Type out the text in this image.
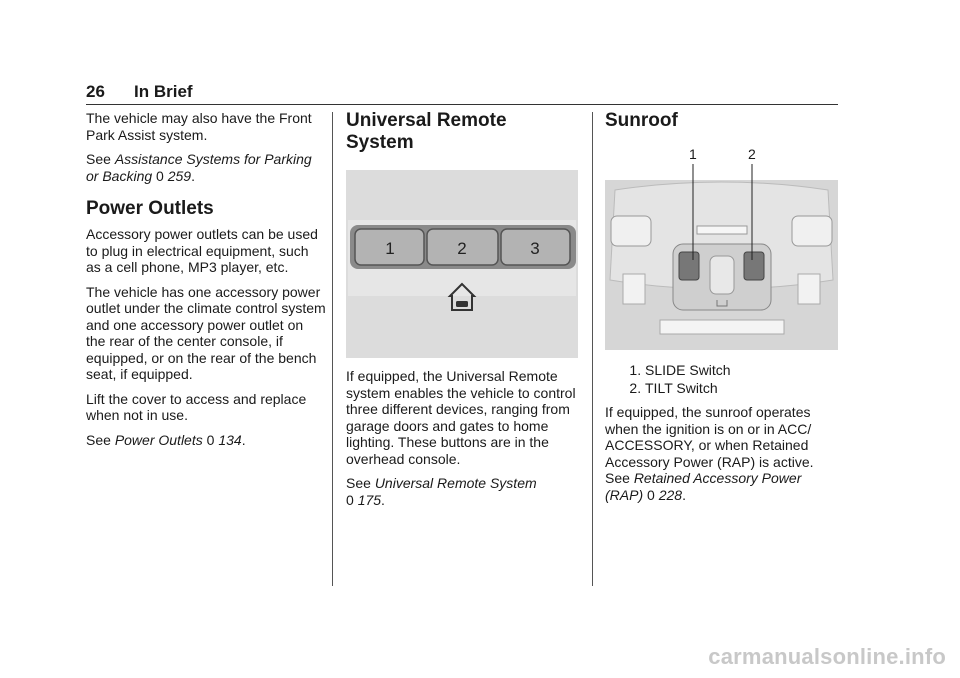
26 In Brief

The vehicle may also have the Front Park Assist system.

See Assistance Systems for Parking or Backing 0 259.

Power Outlets

Accessory power outlets can be used to plug in electrical equipment, such as a cell phone, MP3 player, etc.

The vehicle has one accessory power outlet under the climate control system and one accessory power outlet on the rear of the center console, if equipped, or on the rear of the bench seat, if equipped.

Lift the cover to access and replace when not in use.

See Power Outlets 0 134.

Universal Remote System
1	2	3

If equipped, the Universal Remote system enables the vehicle to control three different devices, ranging from garage doors and gates to home lighting. These buttons are in the overhead console.

See Universal Remote System
0 175.

Sunroof
1	2
1. SLIDE Switch
2. TILT Switch

If equipped, the sunroof operates when the ignition is on or in ACC/ ACCESSORY, or when Retained Accessory Power (RAP) is active. See Retained Accessory Power (RAP) 0 228.

carmanualsonline.info
